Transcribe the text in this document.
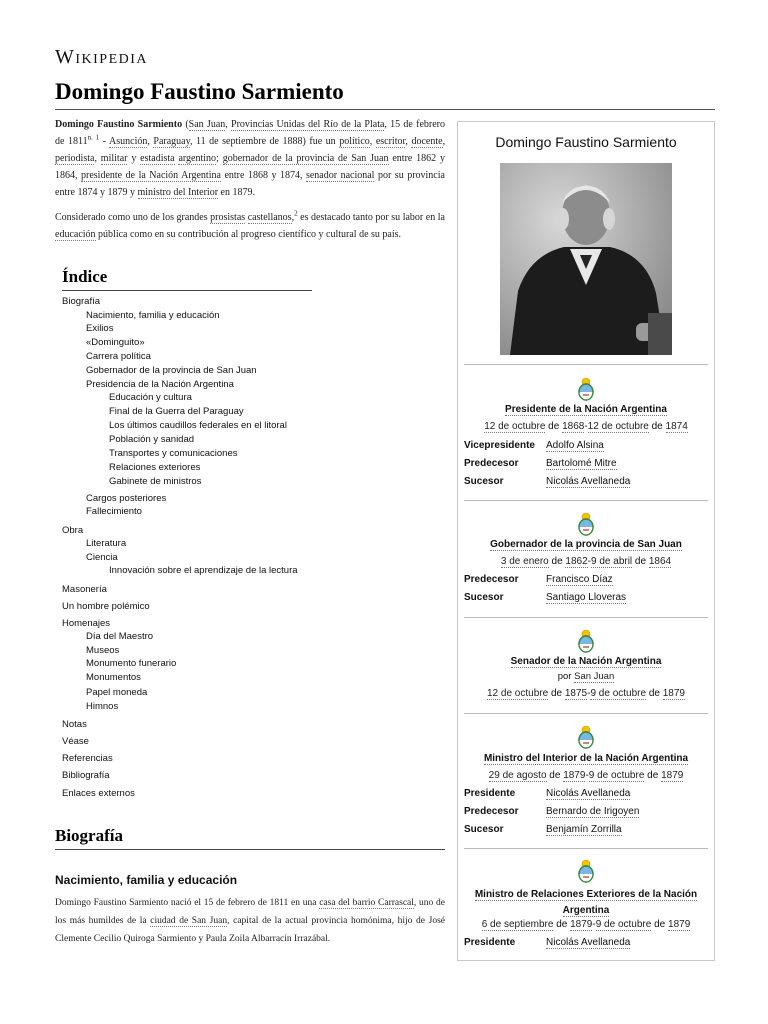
Wikipedia
Domingo Faustino Sarmiento

Domingo Faustino Sarmiento (San Juan, Provincias Unidas del Río de la Plata, 15 de febrero de $1811^{n. 1}$ - Asunción, Paraguay, 11 de septiembre de 1888) fue un político, escritor, docente, periodista, militar y estadista argentino; gobernador de la provincia de San Juan entre 1862 y 1864, presidente de la Nación Argentina entre 1868 y 1874, senador nacional por su provincia entre 1874 y 1879 y ministro del Interior en 1879.

Considerado como uno de los grandes prosistas castellanos,$^2$ es destacado tanto por su labor en la educación pública como en su contribución al progreso científico y cultural de su país.

Índice
Biografía
Nacimiento, familia y educación
Exilios
«Dominguito»
Carrera política
Gobernador de la provincia de San Juan
Presidencia de la Nación Argentina
Educación y cultura
Final de la Guerra del Paraguay
Los últimos caudillos federales en el litoral
Población y sanidad
Transportes y comunicaciones
Relaciones exteriores
Gabinete de ministros
Cargos posteriores
Fallecimiento
Obra
Literatura
Ciencia
Innovación sobre el aprendizaje de la lectura
Masonería
Un hombre polémico
Homenajes
Día del Maestro
Museos
Monumento funerario
Monumentos
Papel moneda
Himnos
Notas
Véase
Referencias
Bibliografía
Enlaces externos
Biografía
Nacimiento, familia y educación
Domingo Faustino Sarmiento nació el 15 de febrero de 1811 en una casa del barrio Carrascal, uno de los más humildes de la ciudad de San Juan, capital de la actual provincia homónima, hijo de José Clemente Cecilio Quiroga Sarmiento y Paula Zoila Albarracín Irrazábal.
Domingo Faustino Sarmiento
Presidente de la Nación Argentina
12 de octubre de 1868-12 de octubre de 1874
Vicepresidente Adolfo Alsina
Predecesor	Bartolomé Mitre
Sucesor	Nicolás Avellaneda
Gobernador de la provincia de San Juan
3 de enero de 1862-9 de abril de 1864
Predecesor	Francisco Díaz
Sucesor	Santiago Lloveras
Senador de la Nación Argentina
por San Juan
12 de octubre de 1875-9 de octubre de 1879
Ministro del Interior de la Nación Argentina
29 de agosto de 1879-9 de octubre de 1879
Presidente	Nicolás Avellaneda
Predecesor	Bernardo de Irigoyen
Sucesor	Benjamín Zorrilla
Ministro de Relaciones Exteriores de la Nación Argentina
6 de septiembre de 1879-9 de octubre de 1879
Presidente	Nicolás Avellaneda
